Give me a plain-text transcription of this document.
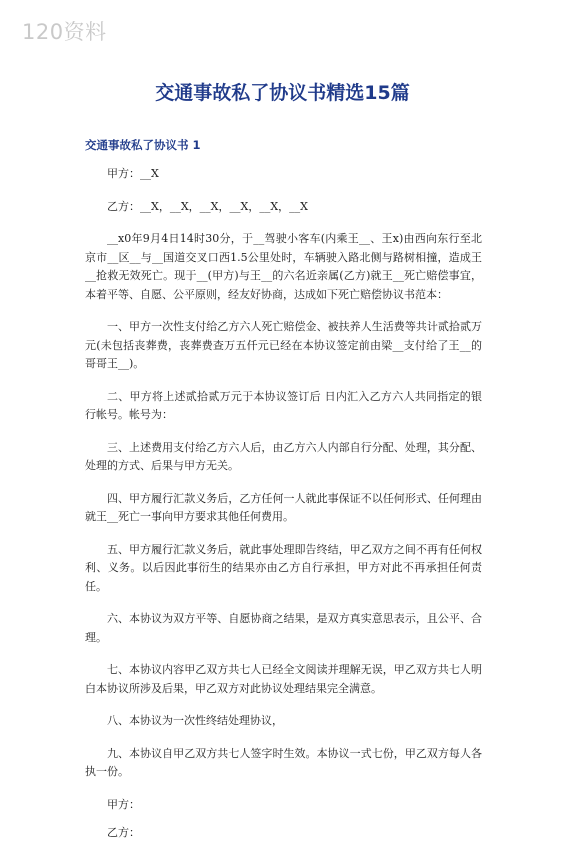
120资料
交通事故私了协议书精选15篇
交通事故私了协议书 1

甲方：__X

乙方：__X，__X，__X，__X，__X，__X

__x0年9月4日14时30分，于__驾驶小客车(内乘王__、王x)由西向东行至北京市__区__与__国道交叉口西1.5公里处时，车辆驶入路北侧与路树相撞，造成王__抢救无效死亡。现于__(甲方)与王__的六名近亲属(乙方)就王__死亡赔偿事宜，本着平等、自愿、公平原则，经友好协商，达成如下死亡赔偿协议书范本：

一、甲方一次性支付给乙方六人死亡赔偿金、被扶养人生活费等共计贰拾贰万元(未包括丧葬费，丧葬费查万五仟元已经在本协议签定前由梁__支付给了王__的哥哥王__)。

二、甲方将上述贰拾贰万元于本协议签订后 日内汇入乙方六人共同指定的银行帐号。帐号为：

三、上述费用支付给乙方六人后，由乙方六人内部自行分配、处理，其分配、处理的方式、后果与甲方无关。

四、甲方履行汇款义务后，乙方任何一人就此事保证不以任何形式、任何理由就王__死亡一事向甲方要求其他任何费用。

五、甲方履行汇款义务后，就此事处理即告终结，甲乙双方之间不再有任何权利、义务。以后因此事衍生的结果亦由乙方自行承担，甲方对此不再承担任何责任。

六、本协议为双方平等、自愿协商之结果，是双方真实意思表示，且公平、合理。

七、本协议内容甲乙双方共七人已经全文阅读并理解无误，甲乙双方共七人明白本协议所涉及后果，甲乙双方对此协议处理结果完全满意。

八、本协议为一次性终结处理协议，

九、本协议自甲乙双方共七人签字时生效。本协议一式七份，甲乙双方每人各执一份。

甲方：

乙方：
